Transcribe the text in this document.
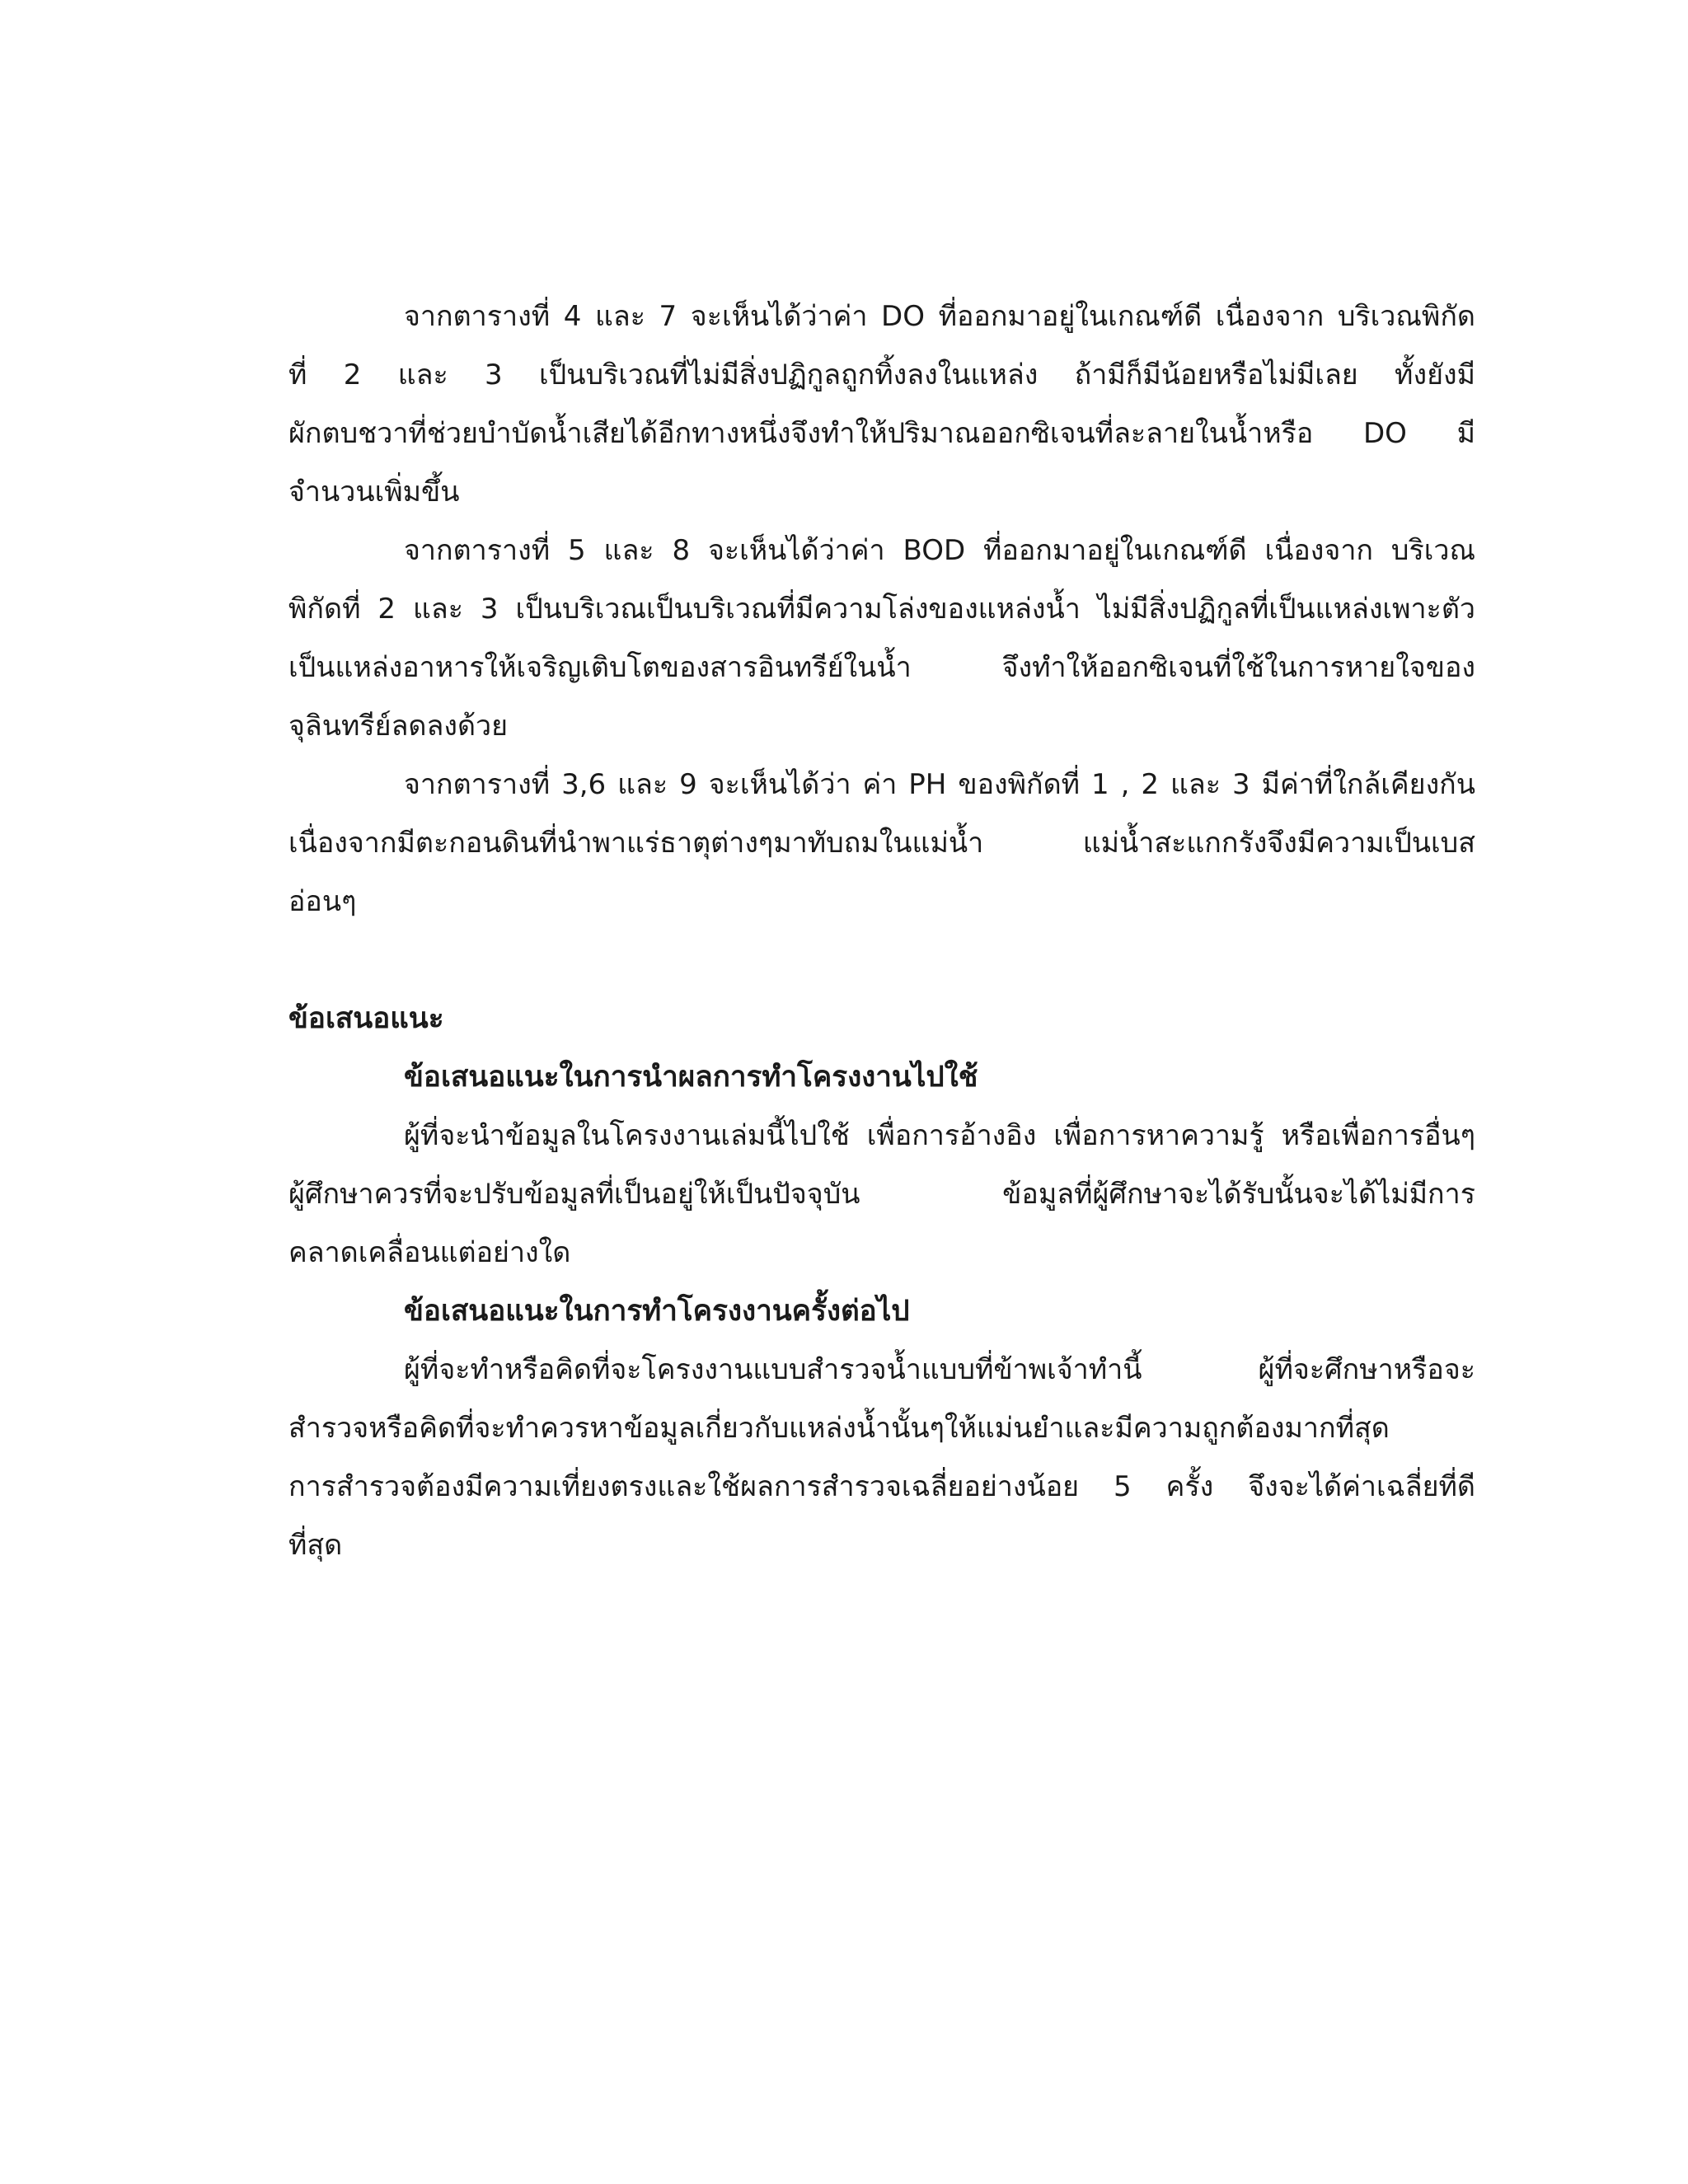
จากตารางที่ 4 และ 7 จะเห็นได้ว่าค่า DO ที่ออกมาอยู่ในเกณฑ์ดี เนื่องจาก บริเวณพิกัด
ที่ 2 และ 3 เป็นบริเวณที่ไม่มีสิ่งปฏิกูลถูกทิ้งลงในแหล่ง ถ้ามีก็มีน้อยหรือไม่มีเลย ทั้งยังมี
ผักตบชวาที่ช่วยบำบัดน้ำเสียได้อีกทางหนึ่งจึงทำให้ปริมาณออกซิเจนที่ละลายในน้ำหรือ DO มี
จำนวนเพิ่มขึ้น
จากตารางที่ 5 และ 8 จะเห็นได้ว่าค่า BOD ที่ออกมาอยู่ในเกณฑ์ดี เนื่องจาก บริเวณ
พิกัดที่ 2 และ 3 เป็นบริเวณเป็นบริเวณที่มีความโล่งของแหล่งน้ำ ไม่มีสิ่งปฏิกูลที่เป็นแหล่งเพาะตัว
เป็นแหล่งอาหารให้เจริญเติบโตของสารอินทรีย์ในน้ำ จึงทำให้ออกซิเจนที่ใช้ในการหายใจของ
จุลินทรีย์ลดลงด้วย
จากตารางที่ 3,6 และ 9 จะเห็นได้ว่า ค่า PH ของพิกัดที่ 1 , 2 และ 3 มีค่าที่ใกล้เคียงกัน
เนื่องจากมีตะกอนดินที่นำพาแร่ธาตุต่างๆมาทับถมในแม่น้ำ แม่น้ำสะแกกรังจึงมีความเป็นเบส
อ่อนๆ
ข้อเสนอแนะ
ข้อเสนอแนะในการนำผลการทำโครงงานไปใช้
ผู้ที่จะนำข้อมูลในโครงงานเล่มนี้ไปใช้ เพื่อการอ้างอิง เพื่อการหาความรู้ หรือเพื่อการอื่นๆ
ผู้ศึกษาควรที่จะปรับข้อมูลที่เป็นอยู่ให้เป็นปัจจุบัน ข้อมูลที่ผู้ศึกษาจะได้รับนั้นจะได้ไม่มีการ
คลาดเคลื่อนแต่อย่างใด
ข้อเสนอแนะในการทำโครงงานครั้งต่อไป
ผู้ที่จะทำหรือคิดที่จะโครงงานแบบสำรวจน้ำแบบที่ข้าพเจ้าทำนี้ ผู้ที่จะศึกษาหรือจะ
สำรวจหรือคิดที่จะทำควรหาข้อมูลเกี่ยวกับแหล่งน้ำนั้นๆให้แม่นยำและมีความถูกต้องมากที่สุด
การสำรวจต้องมีความเที่ยงตรงและใช้ผลการสำรวจเฉลี่ยอย่างน้อย 5 ครั้ง จึงจะได้ค่าเฉลี่ยที่ดี
ที่สุด
